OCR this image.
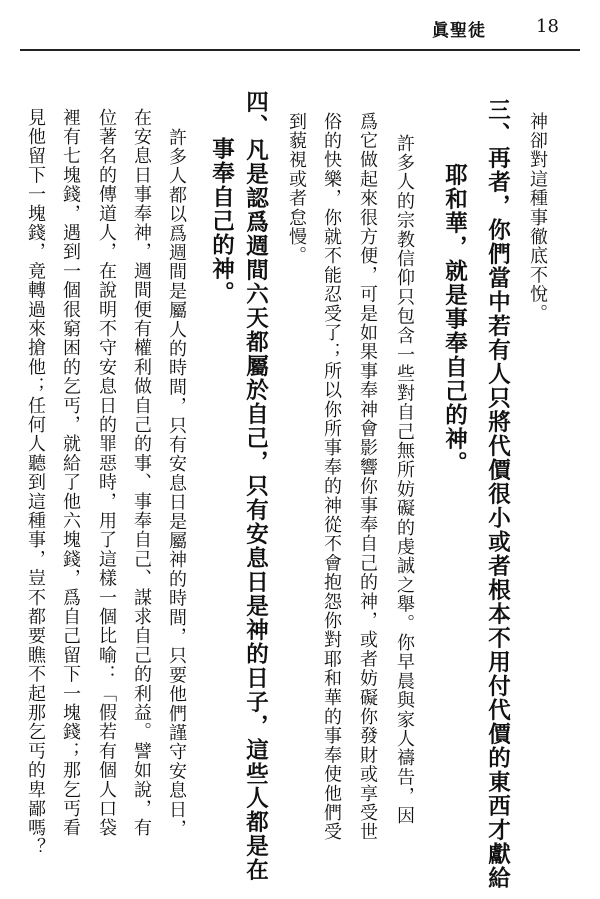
眞聖徒	18
神卻對這種事徹底不悅。
三、再者，你們當中若有人只將代價很小或者根本不用付代價的東西才獻給
耶和華，就是事奉自己的神。
許多人的宗教信仰只包含一些對自己無所妨礙的虔誠之舉。你早晨與家人禱告，因
爲它做起來很方便，可是如果事奉神會影響你事奉自己的神，或者妨礙你發財或享受世
俗的快樂，你就不能忍受了；所以你所事奉的神從不會抱怨你對耶和華的事奉使他們受
到藐視或者怠慢。
四、凡是認爲週間六天都屬於自己，只有安息日是神的日子，這些人都是在
事奉自己的神。
許多人都以爲週間是屬人的時間，只有安息日是屬神的時間，只要他們謹守安息日，
在安息日事奉神，週間便有權利做自己的事、事奉自己、謀求自己的利益。譬如說，有
位著名的傳道人，在說明不守安息日的罪惡時，用了這樣一個比喻：「假若有個人口袋
裡有七塊錢，遇到一個很窮困的乞丐，就給了他六塊錢，爲自己留下一塊錢；那乞丐看
見他留下一塊錢，竟轉過來搶他；任何人聽到這種事，豈不都要瞧不起那乞丐的卑鄙嗎？
